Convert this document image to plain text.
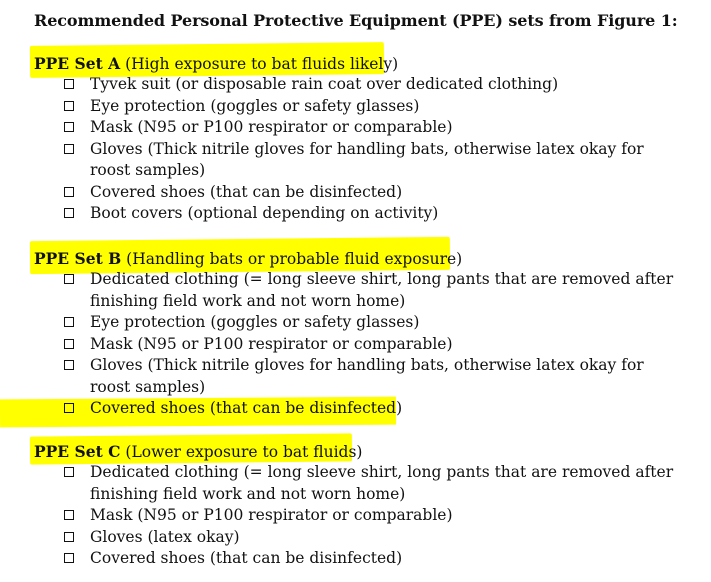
Recommended Personal Protective Equipment (PPE) sets from Figure 1:
PPE Set A (High exposure to bat fluids likely)
Tyvek suit (or disposable rain coat over dedicated clothing)
Eye protection (goggles or safety glasses)
Mask (N95 or P100 respirator or comparable)
Gloves (Thick nitrile gloves for handling bats, otherwise latex okay for roost samples)
Covered shoes (that can be disinfected)
Boot covers (optional depending on activity)
PPE Set B (Handling bats or probable fluid exposure)
Dedicated clothing (= long sleeve shirt, long pants that are removed after finishing field work and not worn home)
Eye protection (goggles or safety glasses)
Mask (N95 or P100 respirator or comparable)
Gloves (Thick nitrile gloves for handling bats, otherwise latex okay for roost samples)
Covered shoes (that can be disinfected)
PPE Set C (Lower exposure to bat fluids)
Dedicated clothing (= long sleeve shirt, long pants that are removed after finishing field work and not worn home)
Mask (N95 or P100 respirator or comparable)
Gloves (latex okay)
Covered shoes (that can be disinfected)
